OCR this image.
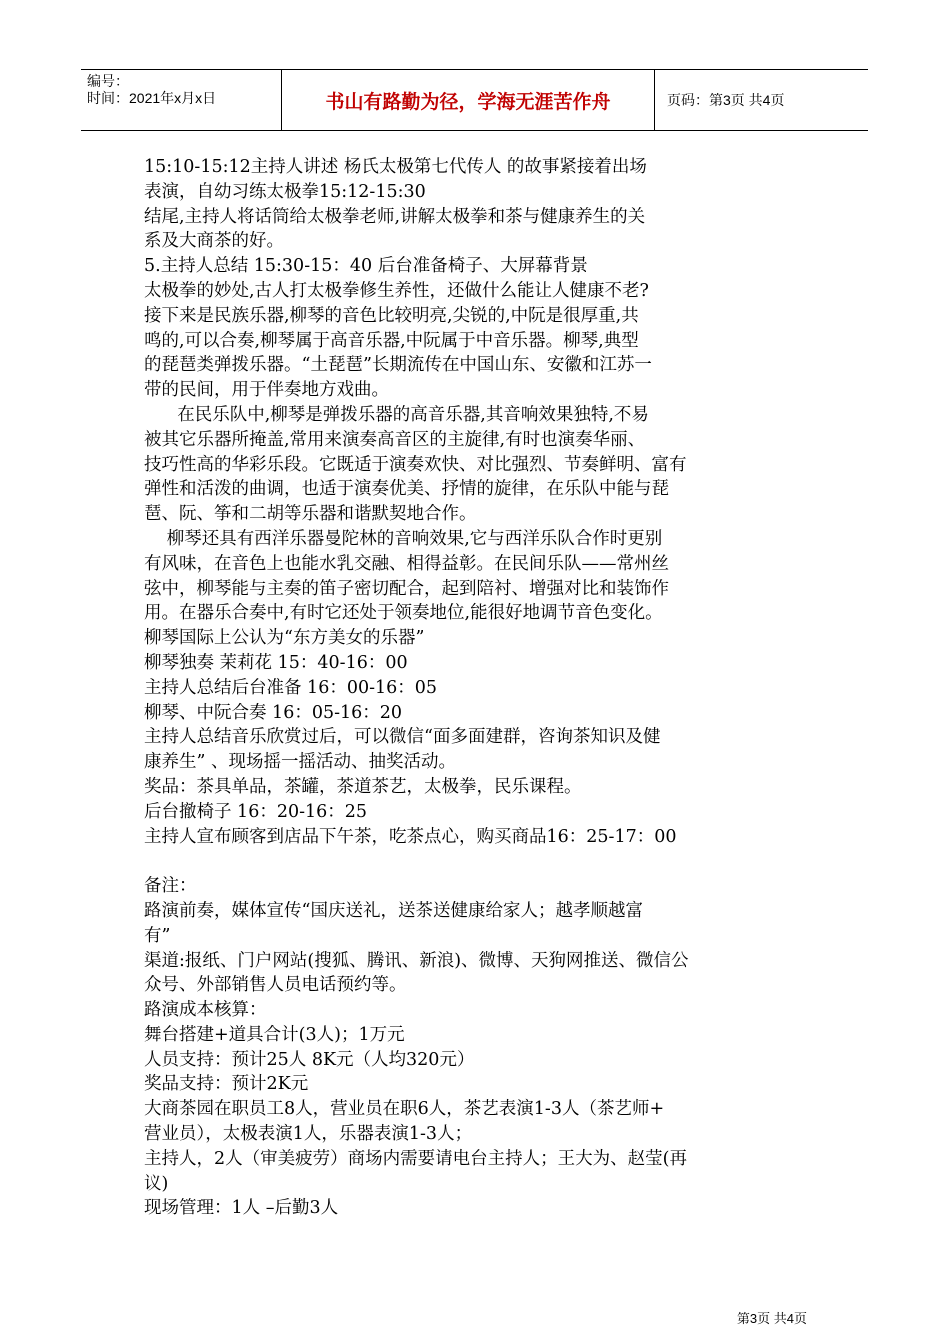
编号：
时间：2021年x月x日	书山有路勤为径，学海无涯苦作舟	页码：第3页 共4页

15:10-15:12主持人讲述 杨氏太极第七代传人 的故事紧接着出场

表演，自幼习练太极拳15:12-15:30

结尾,主持人将话筒给太极拳老师,讲解太极拳和茶与健康养生的关

系及大商茶的好。

5.主持人总结 15:30-15：40 后台准备椅子、大屏幕背景

太极拳的妙处,古人打太极拳修生养性，还做什么能让人健康不老?

接下来是民族乐器,柳琴的音色比较明亮,尖锐的,中阮是很厚重,共

鸣的,可以合奏,柳琴属于高音乐器,中阮属于中音乐器。柳琴,典型

的琵琶类弹拨乐器。“土琵琶”长期流传在中国山东、安徽和江苏一

带的民间，用于伴奏地方戏曲。

在民乐队中,柳琴是弹拨乐器的高音乐器,其音响效果独特,不易

被其它乐器所掩盖,常用来演奏高音区的主旋律,有时也演奏华丽、

技巧性高的华彩乐段。它既适于演奏欢快、对比强烈、节奏鲜明、富有

弹性和活泼的曲调，也适于演奏优美、抒情的旋律，在乐队中能与琵

琶、阮、筝和二胡等乐器和谐默契地合作。

柳琴还具有西洋乐器曼陀林的音响效果,它与西洋乐队合作时更别

有风味，在音色上也能水乳交融、相得益彰。在民间乐队——常州丝

弦中，柳琴能与主奏的笛子密切配合，起到陪衬、增强对比和装饰作

用。在器乐合奏中,有时它还处于领奏地位,能很好地调节音色变化。

柳琴国际上公认为“东方美女的乐器”

柳琴独奏 茉莉花 15：40-16：00

主持人总结后台准备 16：00-16：05

柳琴、中阮合奏 16：05-16：20

主持人总结音乐欣赏过后，可以微信“面多面建群，咨询茶知识及健

康养生” 、现场摇一摇活动、抽奖活动。

奖品：茶具单品，茶罐，茶道茶艺，太极拳，民乐课程。

后台撤椅子 16：20-16：25

主持人宣布顾客到店品下午茶，吃茶点心，购买商品16：25-17：00

备注：

路演前奏，媒体宣传“国庆送礼，送茶送健康给家人；越孝顺越富

有”

渠道:报纸、门户网站(搜狐、腾讯、新浪)、微博、天狗网推送、微信公

众号、外部销售人员电话预约等。

路演成本核算：

舞台搭建+道具合计(3人)；1万元

人员支持：预计25人 8K元（人均320元）

奖品支持：预计2K元

大商茶园在职员工8人，营业员在职6人，茶艺表演1-3人（茶艺师+

营业员），太极表演1人，乐器表演1-3人；

主持人，2人（审美疲劳）商场内需要请电台主持人；王大为、赵莹(再

议)

现场管理：1人 –后勤3人

第3页 共4页
